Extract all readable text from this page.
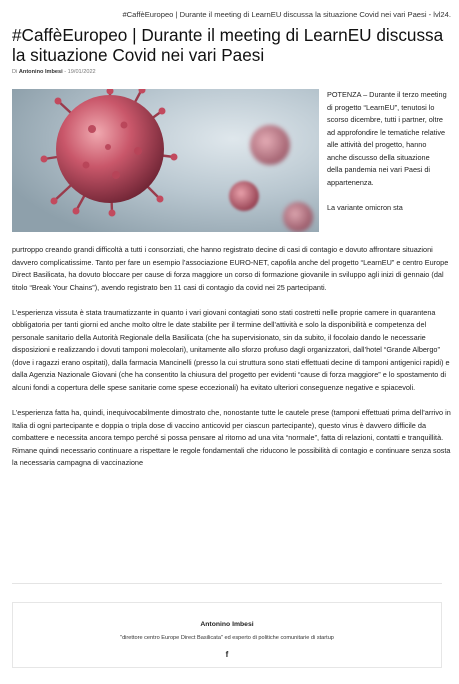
#CaffèEuropeo | Durante il meeting di LearnEU discussa la situazione Covid nei vari Paesi - lvl24.
#CaffèEuropeo | Durante il meeting di LearnEU discussa la situazione Covid nei vari Paesi
Di Antonino Imbesi - 19/01/2022

POTENZA – Durante il terzo meeting di progetto “LearnEU”, tenutosi lo scorso dicembre, tutti i partner, oltre ad approfondire le tematiche relative alle attività del progetto, hanno anche discusso della situazione della pandemia nei vari Paesi di appartenenza.

La variante omicron sta

purtroppo creando grandi difficoltà a tutti i consorziati, che hanno registrato decine di casi di contagio e dovuto affrontare situazioni davvero complicatissime. Tanto per fare un esempio l’associazione EURO-NET, capofila anche del progetto “LearnEU” e centro Europe Direct Basilicata, ha dovuto bloccare per cause di forza maggiore un corso di formazione giovanile in sviluppo agli inizi di gennaio (dal titolo “Break Your Chains”), avendo registrato ben 11 casi di contagio da covid nei 25 partecipanti.

L’esperienza vissuta è stata traumatizzante in quanto i vari giovani contagiati sono stati costretti nelle proprie camere in quarantena obbligatoria per tanti giorni ed anche molto oltre le date stabilite per il termine dell’attività e solo la disponibilità e competenza del personale sanitario della Autorità Regionale della Basilicata (che ha supervisionato, sin da subito, il focolaio dando le necessarie disposizioni e realizzando i dovuti tamponi molecolari), unitamente allo sforzo profuso dagli organizzatori, dall’hotel “Grande Albergo” (dove i ragazzi erano ospitati), dalla farmacia Mancinelli (presso la cui struttura sono stati effettuati decine di tamponi antigenici rapidi) e dalla Agenzia Nazionale Giovani (che ha consentito la chiusura del progetto per evidenti “cause di forza maggiore” e lo spostamento di alcuni fondi a copertura delle spese sanitarie come spese eccezionali) ha evitato ulteriori conseguenze negative e spiacevoli.

L’esperienza fatta ha, quindi, inequivocabilmente dimostrato che, nonostante tutte le cautele prese (tamponi effettuati prima dell’arrivo in Italia di ogni partecipante e doppia o tripla dose di vaccino anticovid per ciascun partecipante), questo virus è davvero difficile da combattere e necessita ancora tempo perché si possa pensare al ritorno ad una vita “normale”, fatta di relazioni, contatti e tranquillità. Rimane quindi necessario continuare a rispettare le regole fondamentali che riducono le possibilità di contagio e continuare senza sosta la necessaria campagna di vaccinazione

Antonino Imbesi
"direttore centro Europe Direct Basilicata" ed esperto di politiche comunitarie di startup
f
